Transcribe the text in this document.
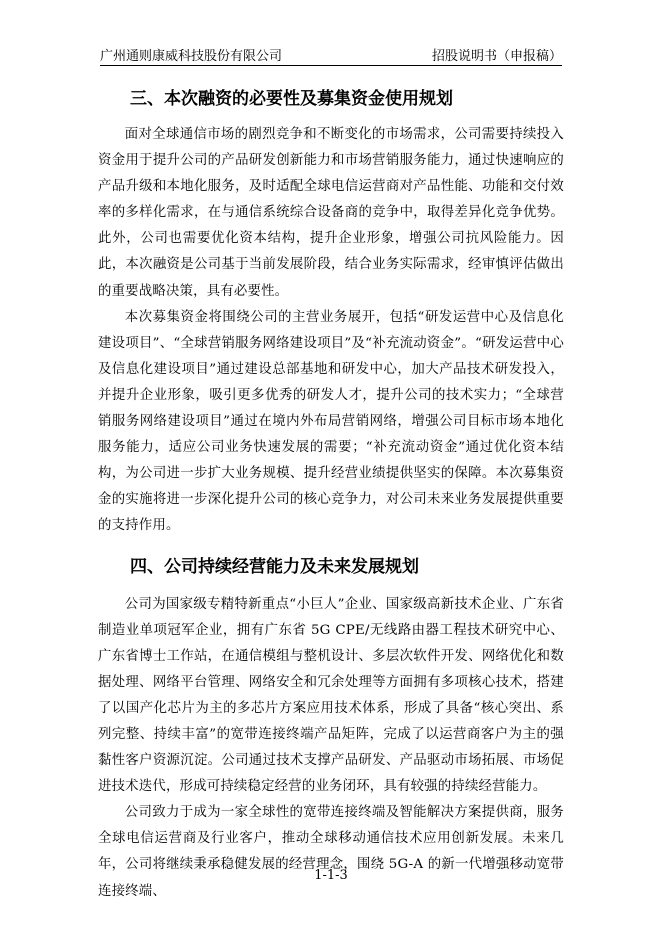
广州通则康威科技股份有限公司	招股说明书（申报稿）
三、本次融资的必要性及募集资金使用规划

面对全球通信市场的剧烈竞争和不断变化的市场需求，公司需要持续投入资金用于提升公司的产品研发创新能力和市场营销服务能力，通过快速响应的产品升级和本地化服务，及时适配全球电信运营商对产品性能、功能和交付效率的多样化需求，在与通信系统综合设备商的竞争中，取得差异化竞争优势。此外，公司也需要优化资本结构，提升企业形象，增强公司抗风险能力。因此，本次融资是公司基于当前发展阶段，结合业务实际需求，经审慎评估做出的重要战略决策，具有必要性。

本次募集资金将围绕公司的主营业务展开，包括“研发运营中心及信息化建设项目”、“全球营销服务网络建设项目”及“补充流动资金”。“研发运营中心及信息化建设项目”通过建设总部基地和研发中心，加大产品技术研发投入，并提升企业形象，吸引更多优秀的研发人才，提升公司的技术实力；“全球营销服务网络建设项目”通过在境内外布局营销网络，增强公司目标市场本地化服务能力，适应公司业务快速发展的需要；“补充流动资金”通过优化资本结构，为公司进一步扩大业务规模、提升经营业绩提供坚实的保障。本次募集资金的实施将进一步深化提升公司的核心竞争力，对公司未来业务发展提供重要的支持作用。

四、公司持续经营能力及未来发展规划

公司为国家级专精特新重点“小巨人”企业、国家级高新技术企业、广东省制造业单项冠军企业，拥有广东省 5G CPE/无线路由器工程技术研究中心、广东省博士工作站，在通信模组与整机设计、多层次软件开发、网络优化和数据处理、网络平台管理、网络安全和冗余处理等方面拥有多项核心技术，搭建了以国产化芯片为主的多芯片方案应用技术体系，形成了具备“核心突出、系列完整、持续丰富”的宽带连接终端产品矩阵，完成了以运营商客户为主的强黏性客户资源沉淀。公司通过技术支撑产品研发、产品驱动市场拓展、市场促进技术迭代，形成可持续稳定经营的业务闭环，具有较强的持续经营能力。

公司致力于成为一家全球性的宽带连接终端及智能解决方案提供商，服务全球电信运营商及行业客户，推动全球移动通信技术应用创新发展。未来几年，公司将继续秉承稳健发展的经营理念，围绕 5G-A 的新一代增强移动宽带连接终端、

1-1-3
